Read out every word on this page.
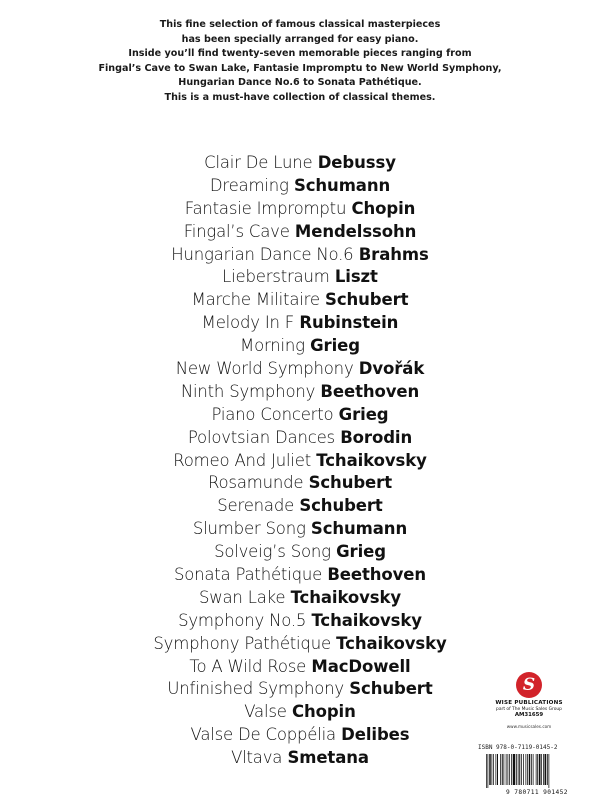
This fine selection of famous classical masterpieces
has been specially arranged for easy piano.
Inside you’ll find twenty-seven memorable pieces ranging from
Fingal’s Cave to Swan Lake, Fantasie Impromptu to New World Symphony,
Hungarian Dance No.6 to Sonata Pathétique.
This is a must-have collection of classical themes.
Clair De Lune Debussy
Dreaming Schumann
Fantasie Impromptu Chopin
Fingal’s Cave Mendelssohn
Hungarian Dance No.6 Brahms
Lieberstraum Liszt
Marche Militaire Schubert
Melody In F Rubinstein
Morning Grieg
New World Symphony Dvořák
Ninth Symphony Beethoven
Piano Concerto Grieg
Polovtsian Dances Borodin
Romeo And Juliet Tchaikovsky
Rosamunde Schubert
Serenade Schubert
Slumber Song Schumann
Solveig’s Song Grieg
Sonata Pathétique Beethoven
Swan Lake Tchaikovsky
Symphony No.5 Tchaikovsky
Symphony Pathétique Tchaikovsky
To A Wild Rose MacDowell
Unfinished Symphony Schubert
Valse Chopin
Valse De Coppélia Delibes
Vltava Smetana
S
WISE PUBLICATIONS
part of The Music Sales Group
AM31659
www.musicsales.com
ISBN 978-0-7119-0145-2
9 780711 901452
